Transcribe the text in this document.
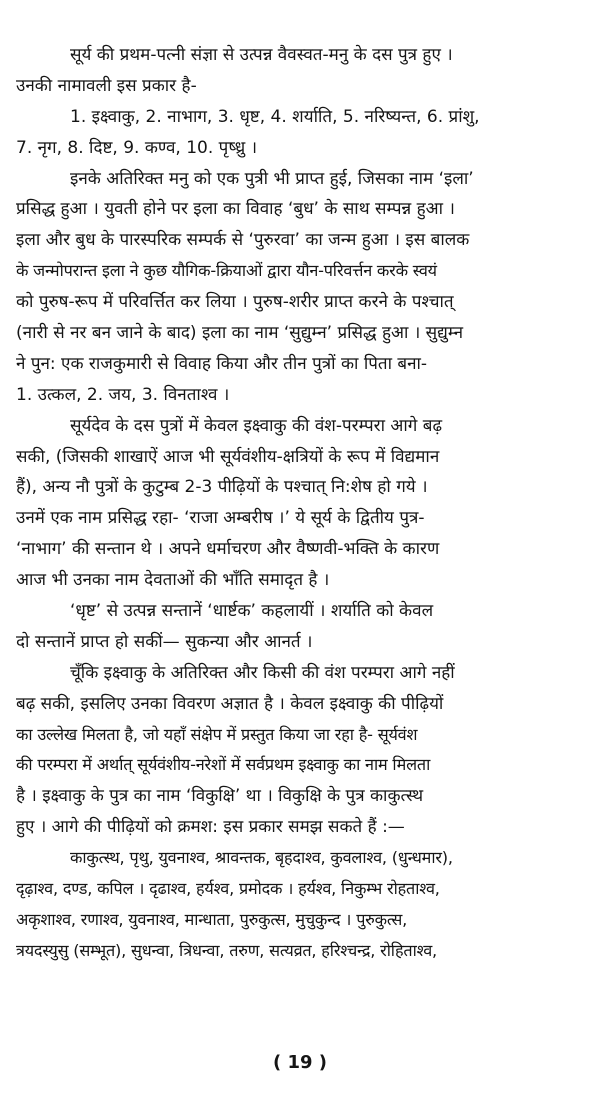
सूर्य की प्रथम-पत्नी संज्ञा से उत्पन्न वैवस्वत-मनु के दस पुत्र हुए ।
उनकी नामावली इस प्रकार है-
1. इक्ष्वाकु, 2. नाभाग, 3. धृष्ट, 4. शर्याति, 5. नरिष्यन्त, 6. प्रांशु,
7. नृग, 8. दिष्ट, 9. कण्व, 10. पृष्ध्रु ।
इनके अतिरिक्त मनु को एक पुत्री भी प्राप्त हुई, जिसका नाम ‘इला’
प्रसिद्ध हुआ । युवती होने पर इला का विवाह ‘बुध’ के साथ सम्पन्न हुआ ।
इला और बुध के पारस्परिक सम्पर्क से ‘पुरुरवा’ का जन्म हुआ । इस बालक
के जन्मोपरान्त इला ने कुछ यौगिक-क्रियाओं द्वारा यौन-परिवर्त्तन करके स्वयं
को पुरुष-रूप में परिवर्त्तित कर लिया । पुरुष-शरीर प्राप्त करने के पश्चात्
(नारी से नर बन जाने के बाद) इला का नाम ‘सुद्युम्न’ प्रसिद्ध हुआ । सुद्युम्न
ने पुन: एक राजकुमारी से विवाह किया और तीन पुत्रों का पिता बना-
1. उत्कल, 2. जय, 3. विनताश्व ।
सूर्यदेव के दस पुत्रों में केवल इक्ष्वाकु की वंश-परम्परा आगे बढ़
सकी, (जिसकी शाखाऐं आज भी सूर्यवंशीय-क्षत्रियों के रूप में विद्यमान
हैं), अन्य नौ पुत्रों के कुटुम्ब 2-3 पीढ़ियों के पश्चात् नि:शेष हो गये ।
उनमें एक नाम प्रसिद्ध रहा- ‘राजा अम्बरीष ।’ ये सूर्य के द्वितीय पुत्र-
‘नाभाग’ की सन्तान थे । अपने धर्माचरण और वैष्णवी-भक्ति के कारण
आज भी उनका नाम देवताओं की भाँति समादृत है ।
‘धृष्ट’ से उत्पन्न सन्तानें ‘धार्ष्टक’ कहलायीं । शर्याति को केवल
दो सन्तानें प्राप्त हो सकीं— सुकन्या और आनर्त ।
चूँकि इक्ष्वाकु के अतिरिक्त और किसी की वंश परम्परा आगे नहीं
बढ़ सकी, इसलिए उनका विवरण अज्ञात है । केवल इक्ष्वाकु की पीढ़ियों
का उल्लेख मिलता है, जो यहाँ संक्षेप में प्रस्तुत किया जा रहा है- सूर्यवंश
की परम्परा में अर्थात् सूर्यवंशीय-नरेशों में सर्वप्रथम इक्ष्वाकु का नाम मिलता
है । इक्ष्वाकु के पुत्र का नाम ‘विकुक्षि’ था । विकुक्षि के पुत्र काकुत्स्थ
हुए । आगे की पीढ़ियों को क्रमश: इस प्रकार समझ सकते हैं :—
काकुत्स्थ, पृथु, युवनाश्व, श्रावन्तक, बृहदाश्व, कुवलाश्व, (धुन्धमार),
दृढ़ाश्व, दण्ड, कपिल । दृढाश्व, हर्यश्व, प्रमोदक । हर्यश्व, निकुम्भ रोहताश्व,
अकृशाश्व, रणाश्व, युवनाश्व, मान्धाता, पुरुकुत्स, मुचुकुन्द । पुरुकुत्स,
त्रयदस्युसु (सम्भूत), सुधन्वा, त्रिधन्वा, तरुण, सत्यव्रत, हरिश्चन्द्र, रोहिताश्व,
( 19 )
